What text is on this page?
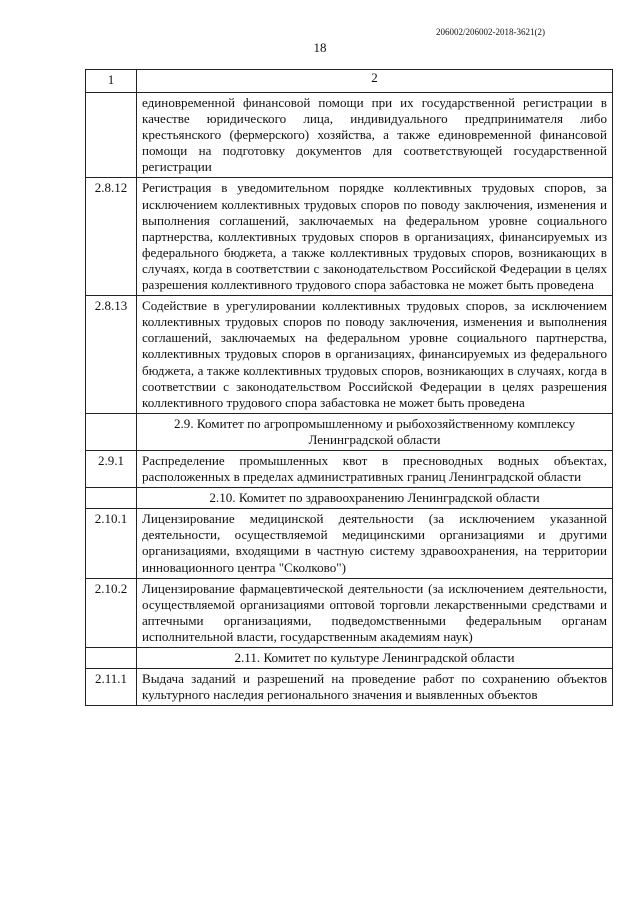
206002/206002-2018-3621(2)
18
1	2

	единовременной финансовой помощи при их государственной регистрации в качестве юридического лица, индивидуального предпринимателя либо крестьянского (фермерского) хозяйства, а также единовременной финансовой помощи на подготовку документов для соответствующей государственной регистрации

2.8.12	Регистрация в уведомительном порядке коллективных трудовых споров, за исключением коллективных трудовых споров по поводу заключения, изменения и выполнения соглашений, заключаемых на федеральном уровне социального партнерства, коллективных трудовых споров в организациях, финансируемых из федерального бюджета, а также коллективных трудовых споров, возникающих в случаях, когда в соответствии с законодательством Российской Федерации в целях разрешения коллективного трудового спора забастовка не может быть проведена

2.8.13	Содействие в урегулировании коллективных трудовых споров, за исключением коллективных трудовых споров по поводу заключения, изменения и выполнения соглашений, заключаемых на федеральном уровне социального партнерства, коллективных трудовых споров в организациях, финансируемых из федерального бюджета, а также коллективных трудовых споров, возникающих в случаях, когда в соответствии с законодательством Российской Федерации в целях разрешения коллективного трудового спора забастовка не может быть проведена

	2.9. Комитет по агропромышленному и рыбохозяйственному комплексу
Ленинградской области

2.9.1	Распределение промышленных квот в пресноводных водных объектах, расположенных в пределах административных границ Ленинградской области

	2.10. Комитет по здравоохранению Ленинградской области

2.10.1	Лицензирование медицинской деятельности (за исключением указанной деятельности, осуществляемой медицинскими организациями и другими организациями, входящими в частную систему здравоохранения, на территории инновационного центра "Сколково")

2.10.2	Лицензирование фармацевтической деятельности (за исключением деятельности, осуществляемой организациями оптовой торговли лекарственными средствами и аптечными организациями, подведомственными федеральным органам исполнительной власти, государственным академиям наук)

	2.11. Комитет по культуре Ленинградской области

2.11.1	Выдача заданий и разрешений на проведение работ по сохранению объектов культурного наследия регионального значения и выявленных объектов
